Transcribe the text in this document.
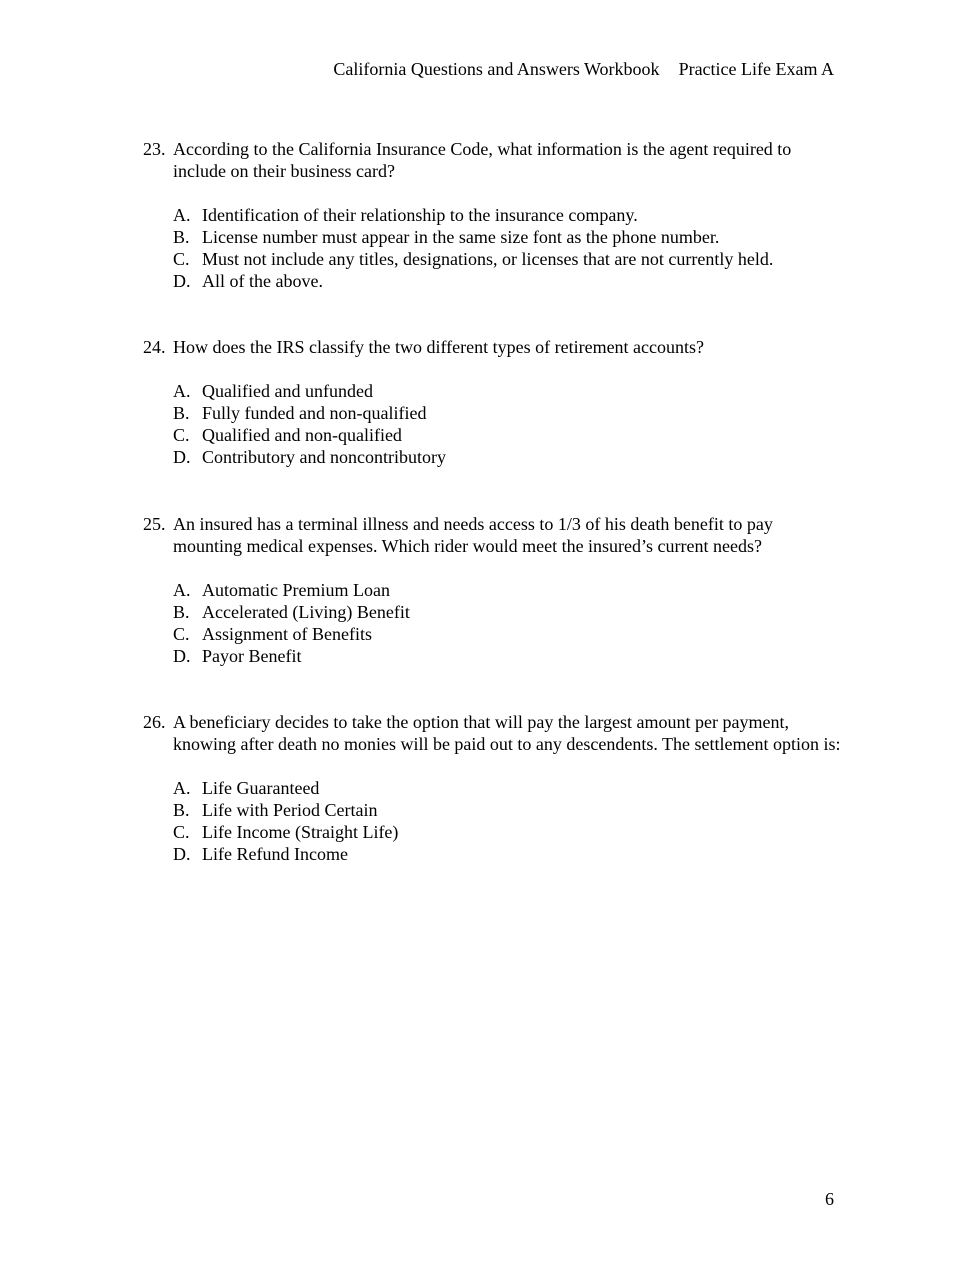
California Questions and Answers Workbook Practice Life Exam A
23. According to the California Insurance Code, what information is the agent required to include on their business card?
A. Identification of their relationship to the insurance company.
B. License number must appear in the same size font as the phone number.
C. Must not include any titles, designations, or licenses that are not currently held.
D. All of the above.
24. How does the IRS classify the two different types of retirement accounts?
A. Qualified and unfunded
B. Fully funded and non-qualified
C. Qualified and non-qualified
D. Contributory and noncontributory
25. An insured has a terminal illness and needs access to 1/3 of his death benefit to pay mounting medical expenses. Which rider would meet the insured’s current needs?
A. Automatic Premium Loan
B. Accelerated (Living) Benefit
C. Assignment of Benefits
D. Payor Benefit
26. A beneficiary decides to take the option that will pay the largest amount per payment, knowing after death no monies will be paid out to any descendents. The settlement option is:
A. Life Guaranteed
B. Life with Period Certain
C. Life Income (Straight Life)
D. Life Refund Income
6
